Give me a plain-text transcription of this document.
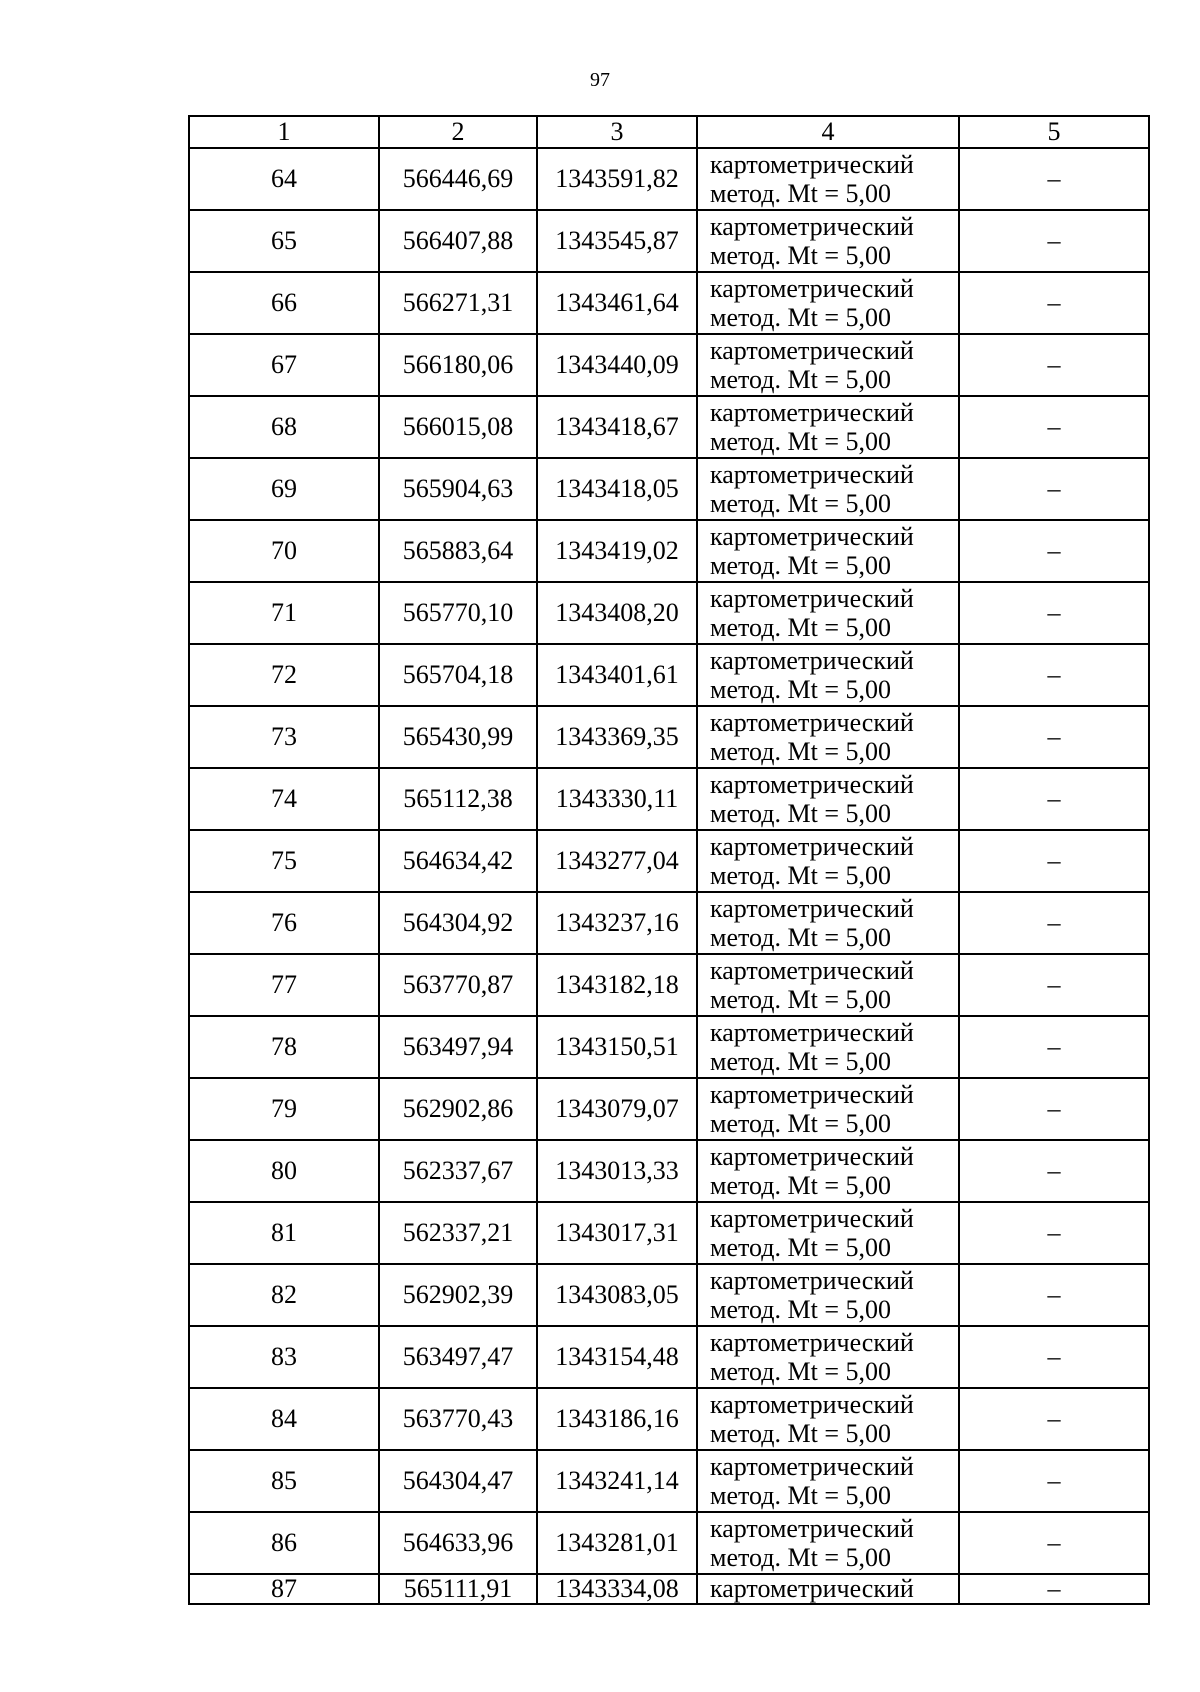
97
1	2	3	4	5
64	566446,69	1343591,82	картометрический
метод. Mt = 5,00	–
65	566407,88	1343545,87	картометрический
метод. Mt = 5,00	–
66	566271,31	1343461,64	картометрический
метод. Mt = 5,00	–
67	566180,06	1343440,09	картометрический
метод. Mt = 5,00	–
68	566015,08	1343418,67	картометрический
метод. Mt = 5,00	–
69	565904,63	1343418,05	картометрический
метод. Mt = 5,00	–
70	565883,64	1343419,02	картометрический
метод. Mt = 5,00	–
71	565770,10	1343408,20	картометрический
метод. Mt = 5,00	–
72	565704,18	1343401,61	картометрический
метод. Mt = 5,00	–
73	565430,99	1343369,35	картометрический
метод. Mt = 5,00	–
74	565112,38	1343330,11	картометрический
метод. Mt = 5,00	–
75	564634,42	1343277,04	картометрический
метод. Mt = 5,00	–
76	564304,92	1343237,16	картометрический
метод. Mt = 5,00	–
77	563770,87	1343182,18	картометрический
метод. Mt = 5,00	–
78	563497,94	1343150,51	картометрический
метод. Mt = 5,00	–
79	562902,86	1343079,07	картометрический
метод. Mt = 5,00	–
80	562337,67	1343013,33	картометрический
метод. Mt = 5,00	–
81	562337,21	1343017,31	картометрический
метод. Mt = 5,00	–
82	562902,39	1343083,05	картометрический
метод. Mt = 5,00	–
83	563497,47	1343154,48	картометрический
метод. Mt = 5,00	–
84	563770,43	1343186,16	картометрический
метод. Mt = 5,00	–
85	564304,47	1343241,14	картометрический
метод. Mt = 5,00	–
86	564633,96	1343281,01	картометрический
метод. Mt = 5,00	–
87	565111,91	1343334,08	картометрический	–
